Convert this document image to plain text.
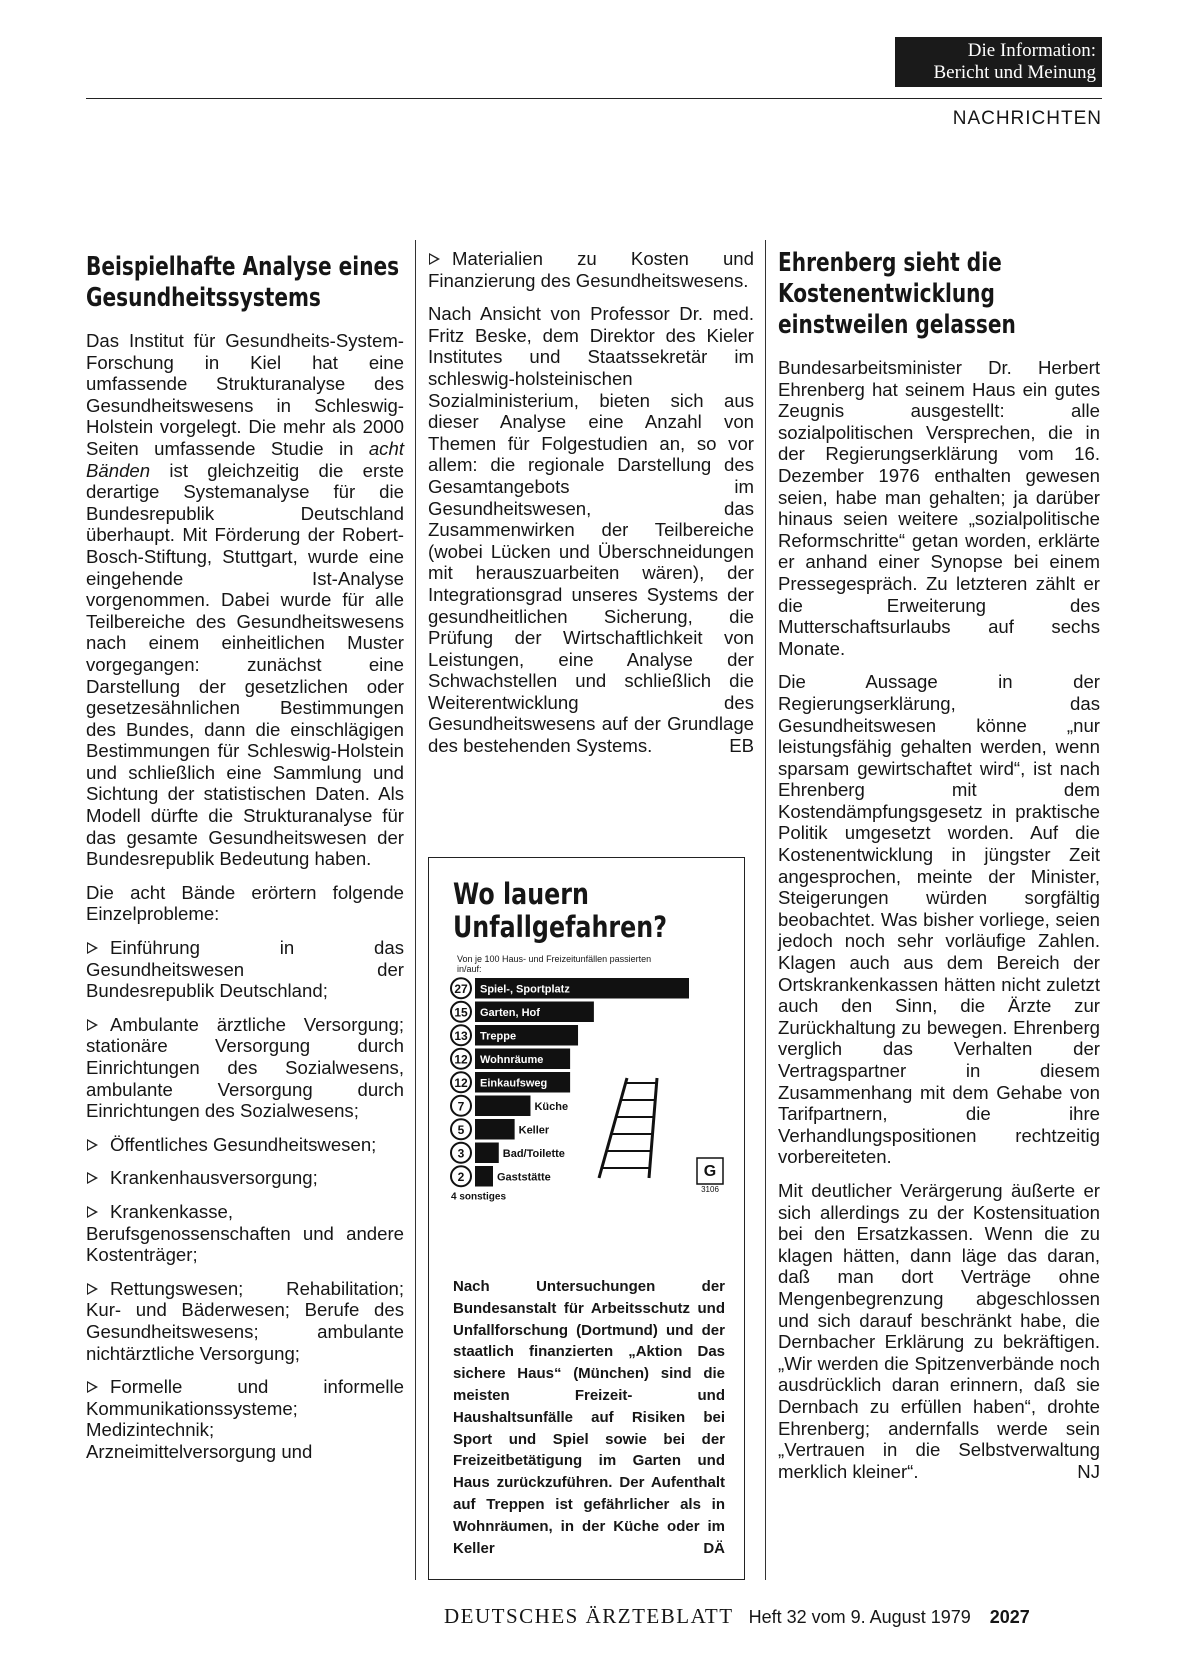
Die Information:
Bericht und Meinung
NACHRICHTEN
Beispielhafte Analyse eines Gesundheitssystems

Das Institut für Gesundheits-System-Forschung in Kiel hat eine umfassende Strukturanalyse des Gesundheitswesens in Schleswig-Holstein vorgelegt. Die mehr als 2000 Seiten umfassende Studie in acht Bänden ist gleichzeitig die erste derartige Systemanalyse für die Bundesrepublik Deutschland überhaupt. Mit Förderung der Robert-Bosch-Stiftung, Stuttgart, wurde eine eingehende Ist-Analyse vorgenommen. Dabei wurde für alle Teilbereiche des Gesundheitswesens nach einem einheitlichen Muster vorgegangen: zunächst eine Darstellung der gesetzlichen oder gesetzesähnlichen Bestimmungen des Bundes, dann die einschlägigen Bestimmungen für Schleswig-Holstein und schließlich eine Sammlung und Sichtung der statistischen Daten. Als Modell dürfte die Strukturanalyse für das gesamte Gesundheitswesen der Bundesrepublik Bedeutung haben.

Die acht Bände erörtern folgende Einzelprobleme:

Einführung in das Gesundheitswesen der Bundesrepublik Deutschland;

Ambulante ärztliche Versorgung; stationäre Versorgung durch Einrichtungen des Sozialwesens, ambulante Versorgung durch Einrichtungen des Sozialwesens;

Öffentliches Gesundheitswesen;

Krankenhausversorgung;

Krankenkasse, Berufsgenossenschaften und andere Kostenträger;

Rettungswesen; Rehabilitation; Kur- und Bäderwesen; Berufe des Gesundheitswesens; ambulante nichtärztliche Versorgung;

Formelle und informelle Kommunikationssysteme; Medizintechnik; Arzneimittelversorgung und

Materialien zu Kosten und Finanzierung des Gesundheitswesens.

Nach Ansicht von Professor Dr. med. Fritz Beske, dem Direktor des Kieler Institutes und Staatssekretär im schleswig-holsteinischen Sozialministerium, bieten sich aus dieser Analyse eine Anzahl von Themen für Folgestudien an, so vor allem: die regionale Darstellung des Gesamtangebots im Gesundheitswesen, das Zusammenwirken der Teilbereiche (wobei Lücken und Überschneidungen mit herauszuarbeiten wären), der Integrationsgrad unseres Systems der gesundheitlichen Sicherung, die Prüfung der Wirtschaftlichkeit von Leistungen, eine Analyse der Schwachstellen und schließlich die Weiterentwicklung des Gesundheitswesens auf der Grundlage des bestehenden Systems.	EB

Wo lauern Unfallgefahren?
Von je 100 Haus- und Freizeitunfällen passierten in/auf:
27 Spiel-, Sportplatz
15 Garten, Hof
13 Treppe
12 Wohnräume
12 Einkaufsweg
7	Küche
5	Keller
3	Bad/Toilette
2	Gaststätte
4 sonstiges
G
3106
Nach Untersuchungen der Bundesanstalt für Arbeitsschutz und Unfallforschung (Dortmund) und der staatlich finanzierten „Aktion Das sichere Haus“ (München) sind die meisten Freizeit- und Haushaltsunfälle auf Risiken bei Sport und Spiel sowie bei der Freizeitbetätigung im Garten und Haus zurückzuführen. Der Aufenthalt auf Treppen ist gefährlicher als in Wohnräumen, in der Küche oder im Keller	DÄ
Ehrenberg sieht die Kostenentwicklung einstweilen gelassen

Bundesarbeitsminister Dr. Herbert Ehrenberg hat seinem Haus ein gutes Zeugnis ausgestellt: alle sozialpolitischen Versprechen, die in der Regierungserklärung vom 16. Dezember 1976 enthalten gewesen seien, habe man gehalten; ja darüber hinaus seien weitere „sozialpolitische Reformschritte“ getan worden, erklärte er anhand einer Synopse bei einem Pressegespräch. Zu letzteren zählt er die Erweiterung des Mutterschaftsurlaubs auf sechs Monate.

Die Aussage in der Regierungserklärung, das Gesundheitswesen könne „nur leistungsfähig gehalten werden, wenn sparsam gewirtschaftet wird“, ist nach Ehrenberg mit dem Kostendämpfungsgesetz in praktische Politik umgesetzt worden. Auf die Kostenentwicklung in jüngster Zeit angesprochen, meinte der Minister, Steigerungen würden sorgfältig beobachtet. Was bisher vorliege, seien jedoch noch sehr vorläufige Zahlen. Klagen auch aus dem Bereich der Ortskrankenkassen hätten nicht zuletzt auch den Sinn, die Ärzte zur Zurückhaltung zu bewegen. Ehrenberg verglich das Verhalten der Vertragspartner in diesem Zusammenhang mit dem Gehabe von Tarifpartnern, die ihre Verhandlungspositionen rechtzeitig vorbereiteten.

Mit deutlicher Verärgerung äußerte er sich allerdings zu der Kostensituation bei den Ersatzkassen. Wenn die zu klagen hätten, dann läge das daran, daß man dort Verträge ohne Mengenbegrenzung abgeschlossen und sich darauf beschränkt habe, die Dernbacher Erklärung zu bekräftigen. „Wir werden die Spitzenverbände noch ausdrücklich daran erinnern, daß sie Dernbach zu erfüllen haben“, drohte Ehrenberg; andernfalls werde sein „Vertrauen in die Selbstverwaltung merklich kleiner“.	NJ

DEUTSCHES ÄRZTEBLATT Heft 32 vom 9. August 1979 2027
